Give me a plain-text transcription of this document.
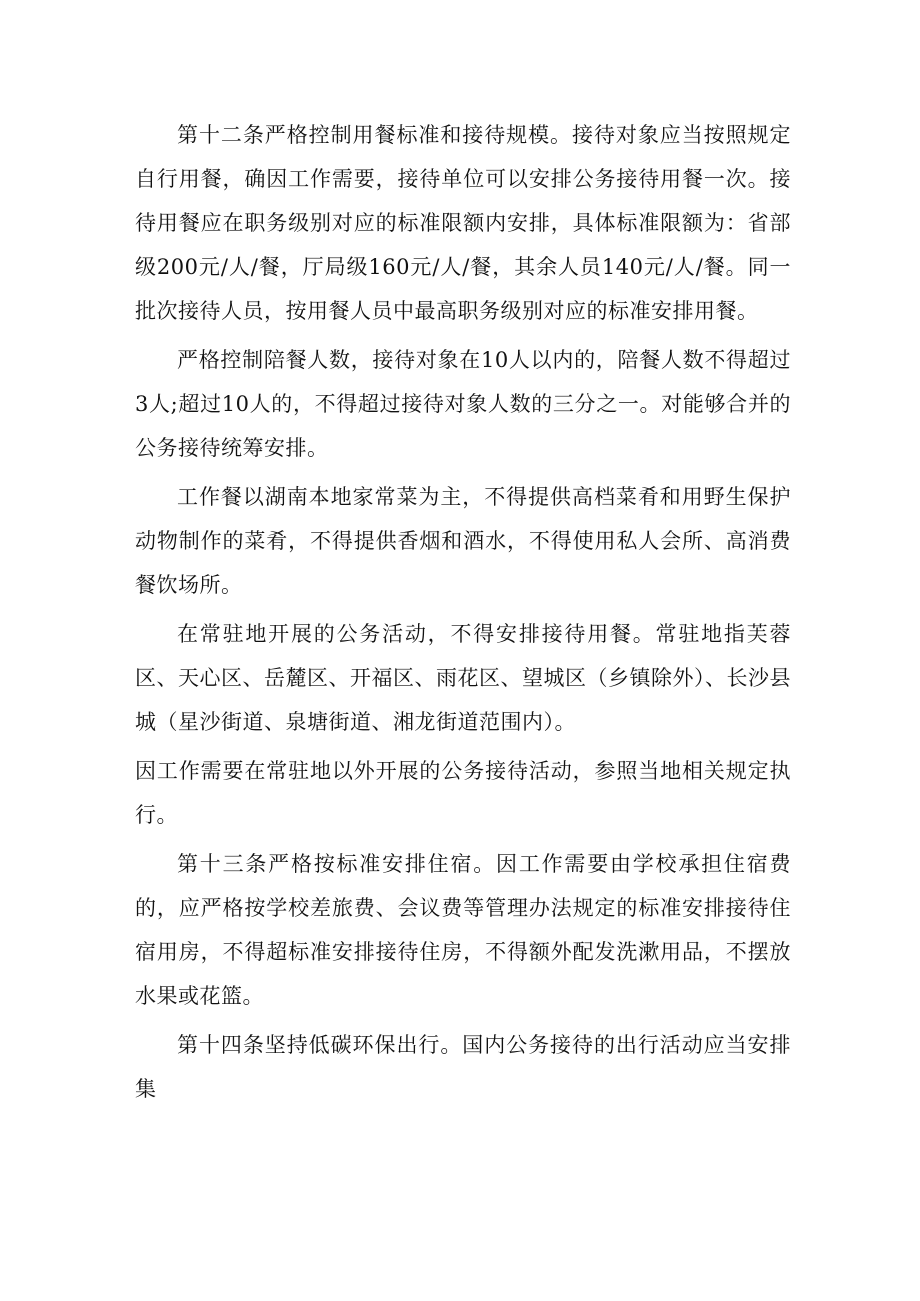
第十二条严格控制用餐标准和接待规模。接待对象应当按照规定自行用餐，确因工作需要，接待单位可以安排公务接待用餐一次。接待用餐应在职务级别对应的标准限额内安排，具体标准限额为：省部级200元/人/餐，厅局级160元/人/餐，其余人员140元/人/餐。同一批次接待人员，按用餐人员中最高职务级别对应的标准安排用餐。

严格控制陪餐人数，接待对象在10人以内的，陪餐人数不得超过3人;超过10人的，不得超过接待对象人数的三分之一。对能够合并的公务接待统筹安排。

工作餐以湖南本地家常菜为主，不得提供高档菜肴和用野生保护动物制作的菜肴，不得提供香烟和酒水，不得使用私人会所、高消费餐饮场所。

在常驻地开展的公务活动，不得安排接待用餐。常驻地指芙蓉区、天心区、岳麓区、开福区、雨花区、望城区（乡镇除外）、长沙县城（星沙街道、泉塘街道、湘龙街道范围内）。

因工作需要在常驻地以外开展的公务接待活动，参照当地相关规定执行。

第十三条严格按标准安排住宿。因工作需要由学校承担住宿费的，应严格按学校差旅费、会议费等管理办法规定的标准安排接待住宿用房，不得超标准安排接待住房，不得额外配发洗漱用品，不摆放水果或花篮。

第十四条坚持低碳环保出行。国内公务接待的出行活动应当安排集
